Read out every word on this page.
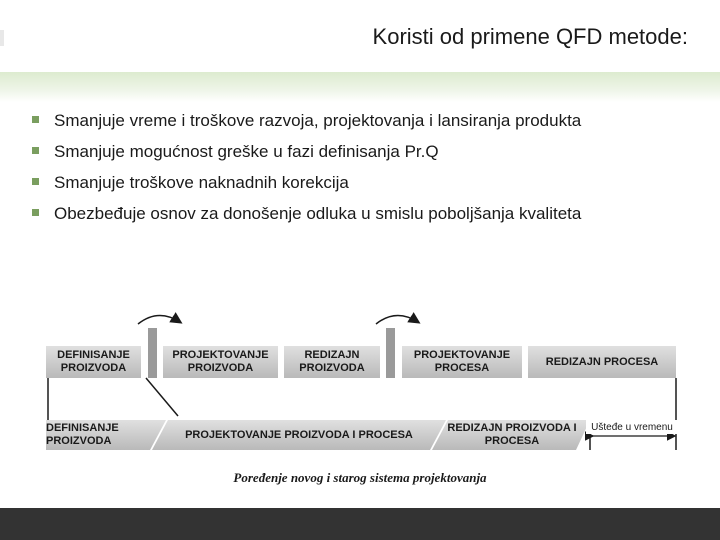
Koristi od primene QFD metode:
Smanjuje vreme i troškove razvoja, projektovanja i lansiranja produkta
Smanjuje mogućnost greške u fazi definisanja Pr.Q
Smanjuje troškove naknadnih korekcija
Obezbeđuje osnov za donošenje odluka u smislu poboljšanja kvaliteta
DEFINISANJE PROIZVODA
PROJEKTOVANJE PROIZVODA
REDIZAJN PROIZVODA
PROJEKTOVANJE PROCESA
REDIZAJN PROCESA
DEFINISANJE PROIZVODA
PROJEKTOVANJE PROIZVODA I PROCESA
REDIZAJN PROIZVODA I PROCESA
Ušteđe u vremenu
Poređenje novog i starog sistema projektovanja
